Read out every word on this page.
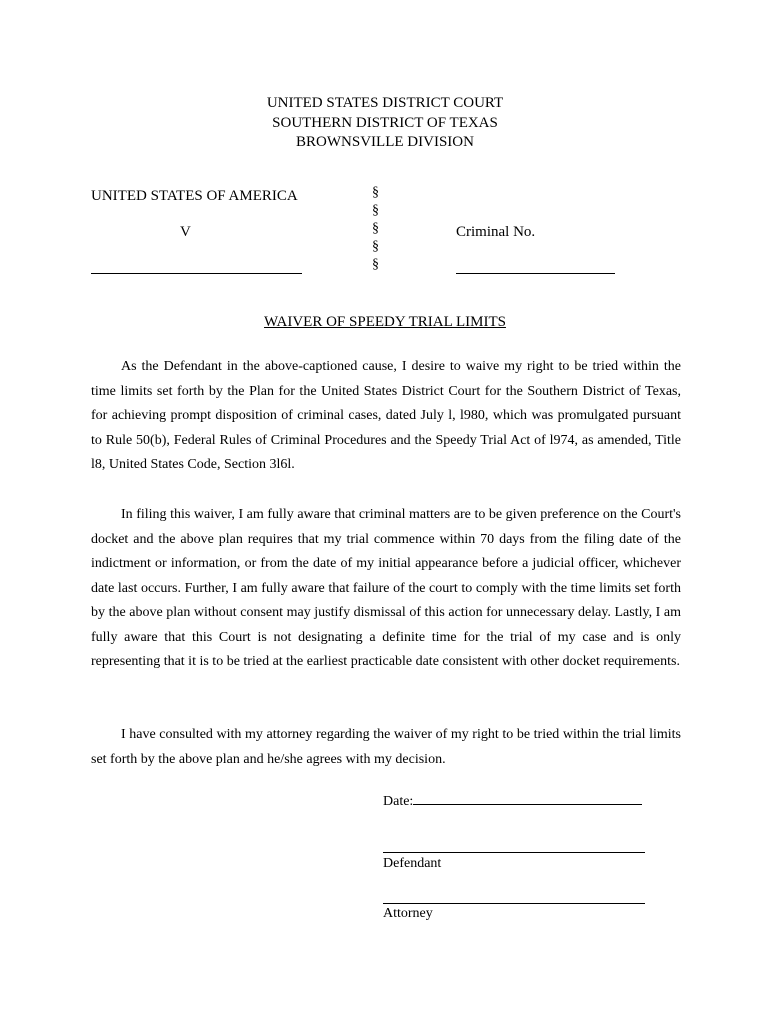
UNITED STATES DISTRICT COURT
SOUTHERN DISTRICT OF TEXAS
BROWNSVILLE DIVISION
UNITED STATES OF AMERICA
V
§
§
§
§
§
Criminal No.
WAIVER OF SPEEDY TRIAL LIMITS

As the Defendant in the above-captioned cause, I desire to waive my right to be tried within the time limits set forth by the Plan for the United States District Court for the Southern District of Texas, for achieving prompt disposition of criminal cases, dated July l, l980, which was promulgated pursuant to Rule 50(b), Federal Rules of Criminal Procedures and the Speedy Trial Act of l974, as amended, Title l8, United States Code, Section 3l6l.

In filing this waiver, I am fully aware that criminal matters are to be given preference on the Court's docket and the above plan requires that my trial commence within 70 days from the filing date of the indictment or information, or from the date of my initial appearance before a judicial officer, whichever date last occurs. Further, I am fully aware that failure of the court to comply with the time limits set forth by the above plan without consent may justify dismissal of this action for unnecessary delay. Lastly, I am fully aware that this Court is not designating a definite time for the trial of my case and is only representing that it is to be tried at the earliest practicable date consistent with other docket requirements.

I have consulted with my attorney regarding the waiver of my right to be tried within the trial limits set forth by the above plan and he/she agrees with my decision.

Date:
Defendant
Attorney
